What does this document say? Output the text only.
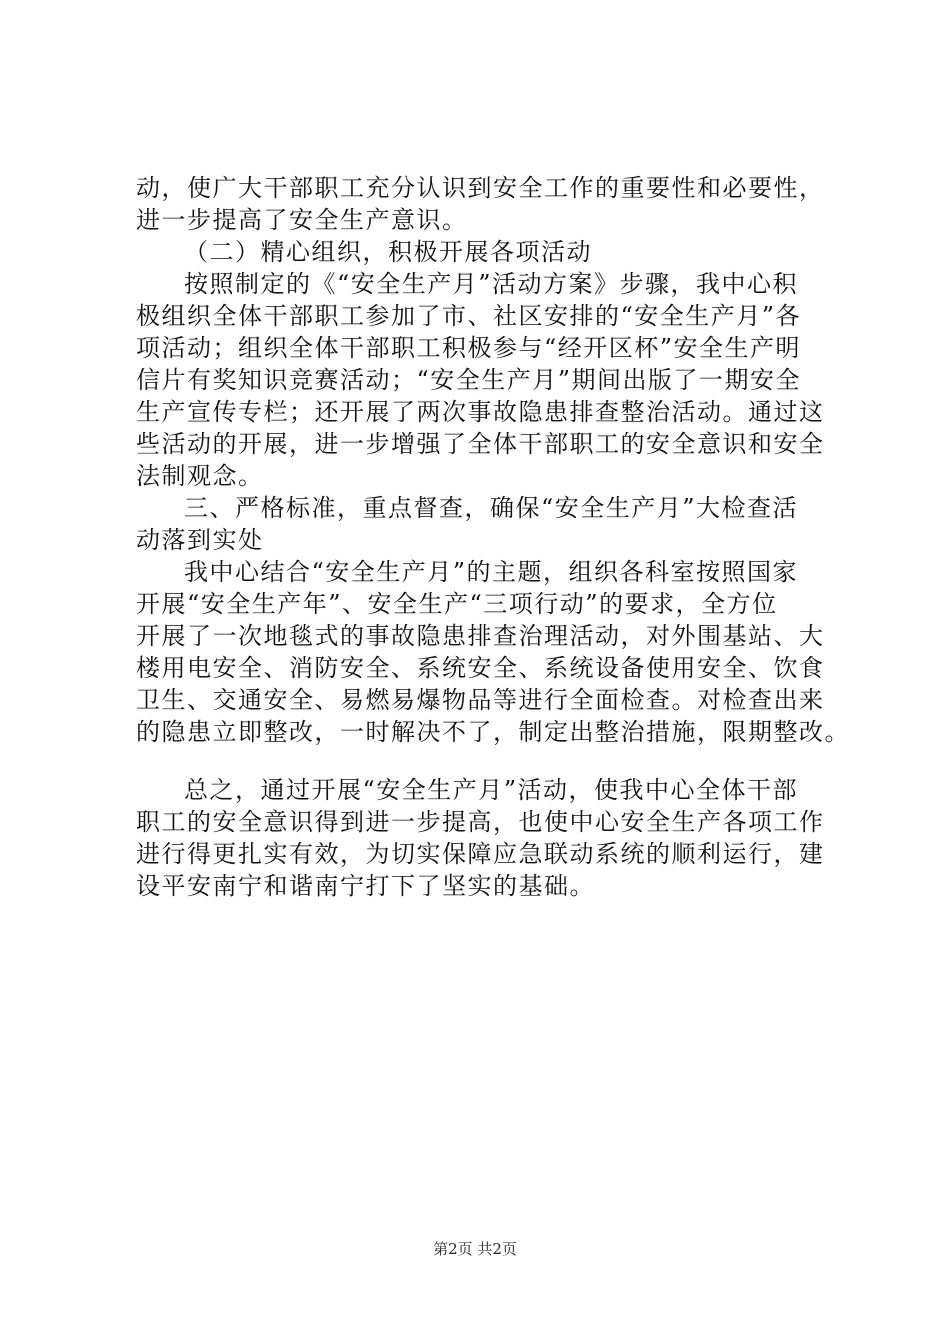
动，使广大干部职工充分认识到安全工作的重要性和必要性，
进一步提高了安全生产意识。
（二）精心组织，积极开展各项活动
按照制定的《“安全生产月”活动方案》步骤，我中心积
极组织全体干部职工参加了市、社区安排的“安全生产月”各
项活动；组织全体干部职工积极参与“经开区杯”安全生产明
信片有奖知识竞赛活动；“安全生产月”期间出版了一期安全
生产宣传专栏；还开展了两次事故隐患排查整治活动。通过这
些活动的开展，进一步增强了全体干部职工的安全意识和安全
法制观念。
三、严格标准，重点督查，确保“安全生产月”大检查活
动落到实处
我中心结合“安全生产月”的主题，组织各科室按照国家
开展“安全生产年”、安全生产“三项行动”的要求，全方位
开展了一次地毯式的事故隐患排查治理活动，对外围基站、大
楼用电安全、消防安全、系统安全、系统设备使用安全、饮食
卫生、交通安全、易燃易爆物品等进行全面检查。对检查出来
的隐患立即整改，一时解决不了，制定出整治措施，限期整改。
总之，通过开展“安全生产月”活动，使我中心全体干部
职工的安全意识得到进一步提高，也使中心安全生产各项工作
进行得更扎实有效，为切实保障应急联动系统的顺利运行，建
设平安南宁和谐南宁打下了坚实的基础。
第2页 共2页
